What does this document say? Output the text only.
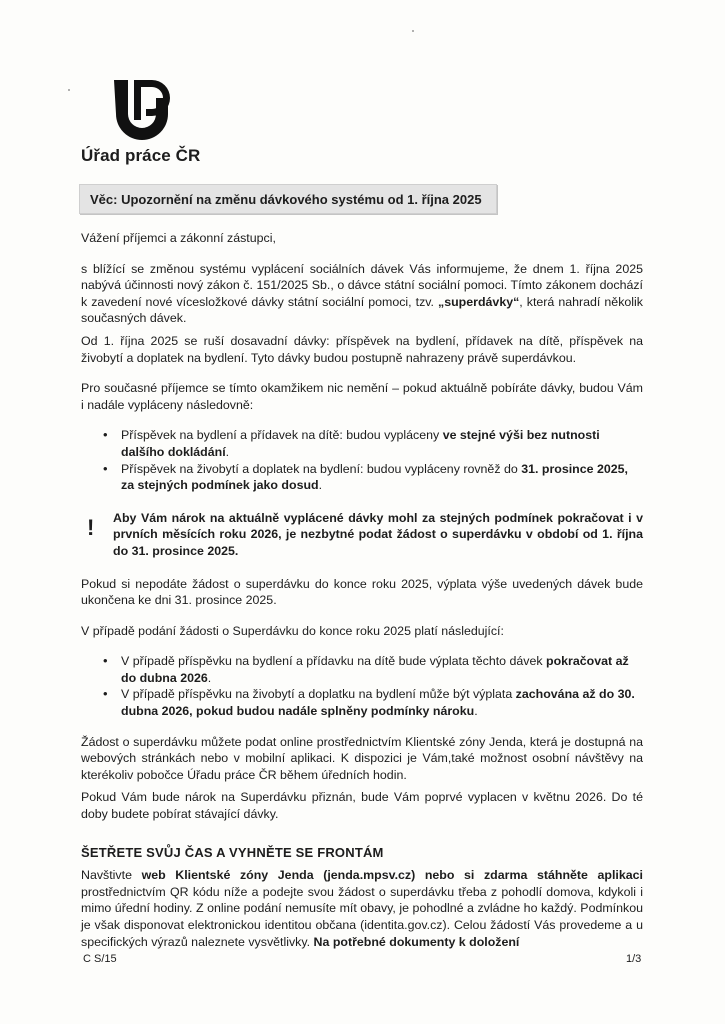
Úřad práce ČR
Věc: Upozornění na změnu dávkového systému od 1. října 2025

Vážení příjemci a zákonní zástupci,

s blížící se změnou systému vyplácení sociálních dávek Vás informujeme, že dnem 1. října 2025 nabývá účinnosti nový zákon č. 151/2025 Sb., o dávce státní sociální pomoci. Tímto zákonem dochází k zavedení nové vícesložkové dávky státní sociální pomoci, tzv. „superdávky“, která nahradí několik současných dávek.

Od 1. října 2025 se ruší dosavadní dávky: příspěvek na bydlení, přídavek na dítě, příspěvek na živobytí a doplatek na bydlení. Tyto dávky budou postupně nahrazeny právě superdávkou.

Pro současné příjemce se tímto okamžikem nic nemění – pokud aktuálně pobíráte dávky, budou Vám i nadále vypláceny následovně:

• Příspěvek na bydlení a přídavek na dítě: budou vypláceny ve stejné výši bez nutnosti dalšího dokládání.
• Příspěvek na živobytí a doplatek na bydlení: budou vypláceny rovněž do 31. prosince 2025, za stejných podmínek jako dosud.
! Aby Vám nárok na aktuálně vyplácené dávky mohl za stejných podmínek pokračovat i v prvních měsících roku 2026, je nezbytné podat žádost o superdávku v období od 1. října do 31. prosince 2025.

Pokud si nepodáte žádost o superdávku do konce roku 2025, výplata výše uvedených dávek bude ukončena ke dni 31. prosince 2025.

V případě podání žádosti o Superdávku do konce roku 2025 platí následující:

• V případě příspěvku na bydlení a přídavku na dítě bude výplata těchto dávek pokračovat až do dubna 2026.
• V případě příspěvku na živobytí a doplatku na bydlení může být výplata zachována až do 30. dubna 2026, pokud budou nadále splněny podmínky nároku.

Žádost o superdávku můžete podat online prostřednictvím Klientské zóny Jenda, která je dostupná na webových stránkách nebo v mobilní aplikaci. K dispozici je Vám,také možnost osobní návštěvy na kterékoliv pobočce Úřadu práce ČR během úředních hodin.

Pokud Vám bude nárok na Superdávku přiznán, bude Vám poprvé vyplacen v květnu 2026. Do té doby budete pobírat stávající dávky.

ŠETŘETE SVŮJ ČAS A VYHNĚTE SE FRONTÁM

Navštivte web Klientské zóny Jenda (jenda.mpsv.cz) nebo si zdarma stáhněte aplikaci prostřednictvím QR kódu níže a podejte svou žádost o superdávku třeba z pohodlí domova, kdykoli i mimo úřední hodiny. Z online podání nemusíte mít obavy, je pohodlné a zvládne ho každý. Podmínkou je však disponovat elektronickou identitou občana (identita.gov.cz). Celou žádostí Vás provedeme a u specifických výrazů naleznete vysvětlivky. Na potřebné dokumenty k doložení

C S/15	1/3
